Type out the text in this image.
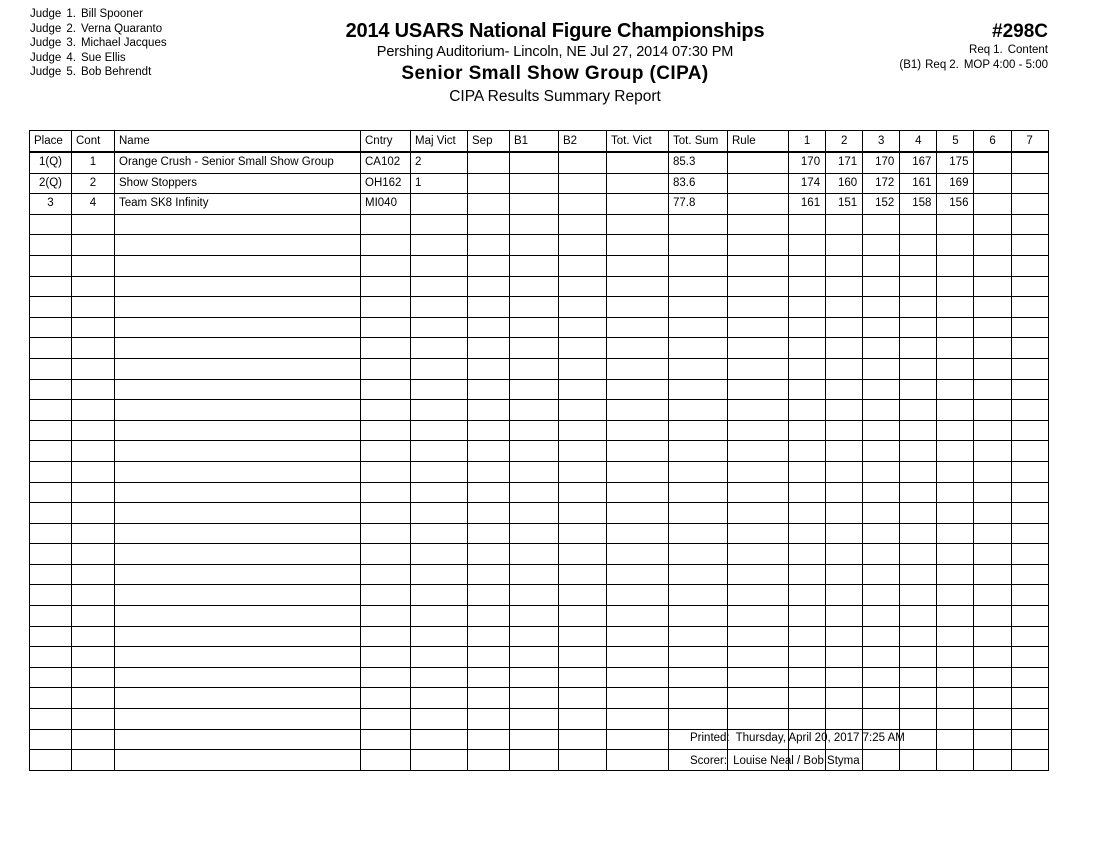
Judge 1. Bill Spooner
Judge 2. Verna Quaranto
Judge 3. Michael Jacques
Judge 4. Sue Ellis
Judge 5. Bob Behrendt
2014 USARS National Figure Championships
Pershing Auditorium- Lincoln, NE Jul 27, 2014 07:30 PM
Senior Small Show Group (CIPA)
CIPA Results Summary Report
#298C
Req 1. Content
(B1) Req 2. MOP 4:00 - 5:00
Place	Cont	Name	Cntry	Maj Vict	Sep	B1	B2	Tot. Vict	Tot. Sum	Rule	1	2	3	4	5	6	7
1(Q)	1	Orange Crush - Senior Small Show Group	CA102	2					85.3		170	171	170	167	175		
2(Q)	2	Show Stoppers	OH162	1					83.6		174	160	172	161	169		
3	4	Team SK8 Infinity	MI040						77.8		161	151	152	158	156		

Printed: Thursday, April 20, 2017 7:25 AM
Scorer: Louise Neal / Bob Styma
